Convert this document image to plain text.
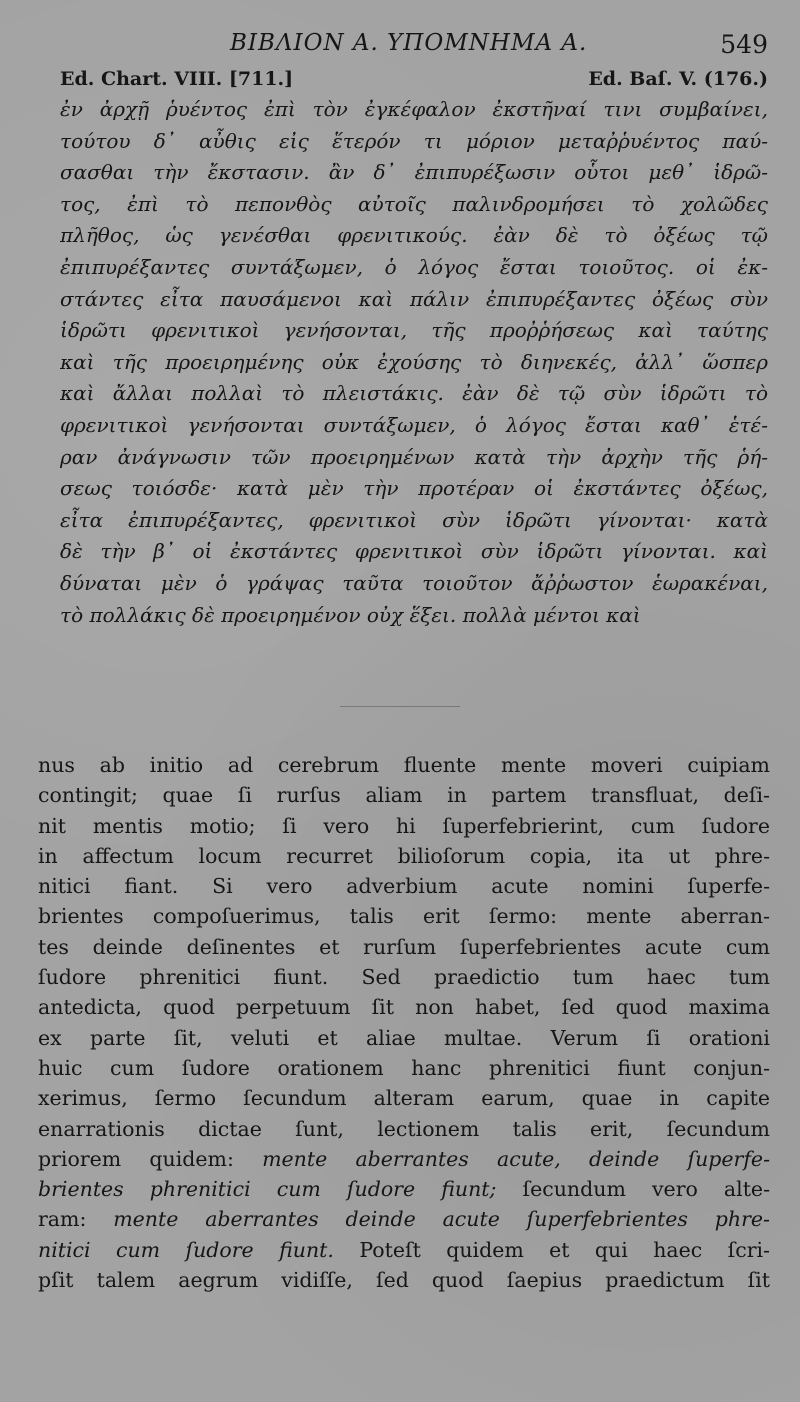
ΒΙΒΛΙΟΝ Α. ΥΠΟΜΝΗΜΑ Α.	549
Ed. Chart. VIII. [711.]	Ed. Baſ. V. (176.)
ἐν ἀρχῇ ῥυέντος ἐπὶ τὸν ἐγκέφαλον ἐκστῆναί τινι συμβαίνει,
τούτου δ᾽ αὖθις εἰς ἕτερόν τι μόριον μεταῤῥυέντος παύ-
σασθαι τὴν ἔκστασιν. ἂν δ᾽ ἐπιπυρέξωσιν οὗτοι μεθ᾽ ἱδρῶ-
τος, ἐπὶ τὸ πεπονθὸς αὐτοῖς παλινδρομήσει τὸ χολῶδες
πλῆθος, ὡς γενέσθαι φρενιτικούς. ἐὰν δὲ τὸ ὀξέως τῷ
ἐπιπυρέξαντες συντάξωμεν, ὁ λόγος ἔσται τοιοῦτος. οἱ ἐκ-
στάντες εἶτα παυσάμενοι καὶ πάλιν ἐπιπυρέξαντες ὀξέως σὺν
ἱδρῶτι φρενιτικοὶ γενήσονται, τῆς προῤῥήσεως καὶ ταύτης
καὶ τῆς προειρημένης οὐκ ἐχούσης τὸ διηνεκές, ἀλλ᾽ ὥσπερ
καὶ ἄλλαι πολλαὶ τὸ πλειστάκις. ἐὰν δὲ τῷ σὺν ἱδρῶτι τὸ
φρενιτικοὶ γενήσονται συντάξωμεν, ὁ λόγος ἔσται καθ᾽ ἑτέ-
ραν ἀνάγνωσιν τῶν προειρημένων κατὰ τὴν ἀρχὴν τῆς ῥή-
σεως τοιόσδε· κατὰ μὲν τὴν προτέραν οἱ ἐκστάντες ὀξέως,
εἶτα ἐπιπυρέξαντες, φρενιτικοὶ σὺν ἱδρῶτι γίνονται· κατὰ
δὲ τὴν β᾽ οἱ ἐκστάντες φρενιτικοὶ σὺν ἱδρῶτι γίνονται. καὶ
δύναται μὲν ὁ γράψας ταῦτα τοιοῦτον ἄῤῥωστον ἑωρακέναι,
τὸ πολλάκις δὲ προειρημένον οὐχ ἕξει. πολλὰ μέντοι καὶ
nus ab initio ad cerebrum fluente mente moveri cuipiam
contingit; quae ſi rurſus aliam in partem transfluat, deſi-
nit mentis motio; ſi vero hi ſuperfebrierint, cum ſudore
in affectum locum recurret bilioſorum copia, ita ut phre-
nitici fiant. Si vero adverbium acute nomini ſuperfe-
brientes compoſuerimus, talis erit ſermo: mente aberran-
tes deinde deſinentes et rurſum ſuperfebrientes acute cum
ſudore phrenitici fiunt. Sed praedictio tum haec tum
antedicta, quod perpetuum ſit non habet, ſed quod maxima
ex parte ſit, veluti et aliae multae. Verum ſi orationi
huic cum ſudore orationem hanc phrenitici fiunt conjun-
xerimus, ſermo ſecundum alteram earum, quae in capite
enarrationis dictae ſunt, lectionem talis erit, ſecundum
priorem quidem: mente aberrantes acute, deinde ſuperfe-
brientes phrenitici cum ſudore fiunt; ſecundum vero alte-
ram: mente aberrantes deinde acute ſuperfebrientes phre-
nitici cum ſudore fiunt. Poteſt quidem et qui haec ſcri-
pſit talem aegrum vidiſſe, ſed quod ſaepius praedictum ſit
